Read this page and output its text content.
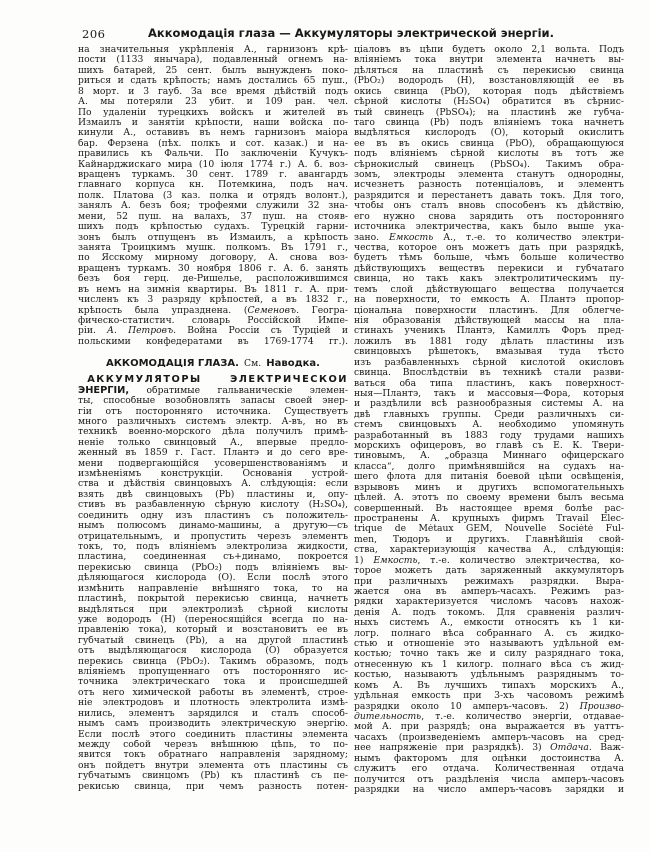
206	Аккомодація глаза — Аккумуляторы электрической энергіи.
на значительныя укрѣпленія А., гарнизонъ крѣ-
пости (1133 янычара), подавленный огнемъ на-
шихъ батарей, 25 сент. былъ вынужденъ поко-
риться и сдать крѣпость; намъ достались 65 пуш.,
8 морт. и 3 гауб. За все время дѣйствій подъ
А. мы потеряли 23 убит. и 109 ран. чел.
По удаленіи турецкихъ войскъ и жителей въ
Измаилъ и занятіи крѣпости, наши войска по-
кинули А., оставивъ въ немъ гарнизонъ маіора
бар. Ферзена (пѣх. полкъ и сот. казак.) и на-
правились къ Фальчи. По заключеніи Кучукъ-
Кайнарджискаго мира (10 іюля 1774 г.) А. б. воз-
вращенъ туркамъ. 30 сент. 1789 г. авангардъ
главнаго корпуса кн. Потемкина, подъ нач.
полк. Платова (3 каз. полка и отрядъ волонт.),
занялъ А. безъ боя; трофеями служили 32 зна-
мени, 52 пуш. на валахъ, 37 пуш. на стояв-
шихъ подъ крѣпостью судахъ. Турецкій гарни-
зонъ былъ отпущенъ въ Измаилъ, а крѣпость
занята Троицкимъ мушк. полкомъ. Въ 1791 г.,
по Ясскому мирному договору, А. снова воз-
вращенъ туркамъ. 30 ноября 1806 г. А. б. занять
безъ боя герц. де-Ришелье, расположившимся
въ немъ на зимнія квартиры. Въ 1811 г. А. при-
численъ къ 3 разряду крѣпостей, а въ 1832 г.,
крѣпость была упразднена. (Семеновъ. Геогра-
фическо-статистич. словарь Россійской Импе-
ріи. А. Петровъ. Война Россіи съ Турціей и
польскими конфедератами въ 1769-1774 гг.).
АККОМОДАЦІЯ ГЛАЗА. См. Наводка.
 АККУМУЛЯТОРЫ ЭЛЕКТРИЧЕСКОЙ
ЭНЕРГІИ, обратимые гальваническіе элемен-
ты, способные возобновлять запасы своей энер-
гіи отъ посторонняго источника. Существуетъ
много различныхъ системъ электр. А-въ, но въ
техникѣ военно-морского дѣла получилъ примѣ-
неніе только свинцовый А., впервые предло-
женный въ 1859 г. Гаст. Плантэ и до сего вре-
мени подвергающійся усовершенствованіямъ и
измѣненіямъ конструкціи. Основанія устрой-
ства и дѣйствія свинцовыхъ А. слѣдующія: если
взять двѣ свинцовыхъ (Pb) пластины и, опу-
стивъ въ разбавленную сѣрную кислоту (H₂SO₄),
соединить одну изъ пластинъ съ положитель-
нымъ полюсомъ динамо-машины, а другую—съ
отрицательнымъ, и пропустить черезъ элементъ
токъ, то, подъ вліяніемъ электролиза жидкости,
пластина, соединенная съ+динамо, покроется
перекисью свинца (PbO₂) подъ вліяніемъ вы-
дѣляющагося кислорода (О). Если послѣ этого
измѣнить направленіе внѣшняго тока, то на
пластинѣ, покрытой перекисью свинца, начнетъ
выдѣляться при электролизѣ сѣрной кислоты
уже водородъ (Н) (переносящійся всегда по на-
правленію тока), который и возстановитъ ее въ
губчатый свинецъ (Pb), а на другой пластинѣ
отъ выдѣляющагося кислорода (О) образуется
перекись свинца (PbO₂). Такимъ образомъ, подъ
вліяніемъ пропущеннаго отъ посторонняго ис-
точника электрическаго тока и происшедшей
отъ него химической работы въ элементѣ, строе-
ніе электродовъ и плотность электролита измѣ-
нились, элементъ зарядился и сталъ способ-
нымъ самъ производить электрическую энергію.
Если послѣ этого соединить пластины элемента
между собой черезъ внѣшнюю цѣпь, то по-
явится токъ обратнаго направленія зарядному;
онъ пойдетъ внутри элемента отъ пластины съ
губчатымъ свинцомъ (Pb) къ пластинѣ съ пе-
рекисью свинца, при чемъ разность потен-
ціаловъ въ цѣпи будетъ около 2,1 вольта. Подъ
вліяніемъ тока внутри элемента начнетъ вы-
дѣляться на пластинѣ съ перекисью свинца
(PbO₂) водородъ (Н), возстановляющій ее въ
окись свинца (PbO), которая подъ дѣйствіемъ
сѣрной кислоты (H₂SO₄) обратится въ сѣрнис-
тый свинецъ (PbSO₄); на пластинѣ же губча-
таго свинца (Pb) подъ вліяніемъ тока начнетъ
выдѣляться кислородъ (О), который окислитъ
ее въ въ окись свинца (PbO), обращающуюся
подъ вліяніемъ сѣрной кислоты въ тотъ же
сѣрнокислый свинецъ (PbSO₄). Такимъ обра-
зомъ, электроды элемента станутъ однородны,
исчезнетъ разность потенціаловъ, и элементъ
разрядится и перестанетъ давать токъ. Для того,
чтобы онъ сталъ вновь способенъ къ дѣйствію,
его нужно снова зарядить отъ посторонняго
источника электричества, какъ было выше ука-
зано. Емкость А., т.-е. то количество электри-
чества, которое онъ можетъ дать при разрядкѣ,
будетъ тѣмъ больше, чѣмъ больше количество
дѣйствующихъ веществъ перекиси и губчатаго
свинца, но такъ какъ электролитическимъ пу-
темъ слой дѣйствующаго вещества получается
на поверхности, то емкость А. Плантэ пропор-
ціональна поверхности пластинъ. Для облегче-
нія образованія дѣйствующей массы на пла-
стинахъ ученикъ Плантэ, Камиллъ Форъ пред-
ложилъ въ 1881 году дѣлать пластины изъ
свинцовыхъ рѣшетокъ, вмазывая туда тѣсто
изъ разбавленныхъ сѣрной кислотой окисловъ
свинца. Впослѣдствіи въ техникѣ стали разви-
ваться оба типа пластинъ, какъ поверхност-
ныя—Плантэ, такъ и массовыя—Фора, которыя
и раздѣлили всѣ разнообразныя системы А. на
двѣ главныхъ группы. Среди различныхъ си-
стемъ свинцовыхъ А. необходимо упомянуть
разработанный въ 1883 году трудами нашихъ
морскихъ офицеровъ, во главѣ съ Е. К. Твери-
тиновымъ, А. „образца Миннаго офицерскаго
класса“, долго примѣнявшійся на судахъ на-
шего флота для питанія боевой цѣпи освѣщенія,
взрывовъ минъ и другихъ вспомогательныхъ
цѣлей. А. этотъ по своему времени былъ весьма
совершенный. Въ настоящее время болѣе рас-
пространены А. крупныхъ фирмъ Travail Elec-
trique de Métaux GEM, Nouvelle Société Ful-
men, Тюдоръ и другихъ. Главнѣйшія свой-
ства, характеризующія качества А., слѣдующія:
1) Емкость, т.-е. количество электричества, ко-
торое можетъ дать заряженный аккумуляторъ
при различныхъ режимахъ разрядки. Выра-
жается она въ амперъ-часахъ. Режимъ раз-
рядки характеризуется числомъ часовъ нахож-
денія А. подъ токомъ. Для сравненія различ-
ныхъ системъ А., емкости относятъ къ 1 ки-
логр. полнаго вѣса собраннаго А. съ жидко-
стью и отношеніе это называютъ удѣльной ем-
костью; точно такъ же и силу разряднаго тока,
отнесенную къ 1 килогр. полнаго вѣса съ жид-
костью, называютъ удѣльнымъ разряднымъ то-
комъ А. Въ лучшихъ типахъ морскихъ А.,
удѣльная емкость при 3-хъ часовомъ режимѣ
разрядки около 10 амперъ-часовъ. 2) Произво-
дительность, т.-е. количество энергіи, отдавае-
мой А. при разрядѣ; она выражается въ уаттъ-
часахъ (произведеніемъ амперъ-часовъ на сред-
нее напряженіе при разрядкѣ). 3) Отдача. Важ-
нымъ факторомъ для оцѣнки достоинства А.
служитъ его отдача. Количественная отдача
получится отъ раздѣленія числа амперъ-часовъ
разрядки на число амперъ-часовъ зарядки и
